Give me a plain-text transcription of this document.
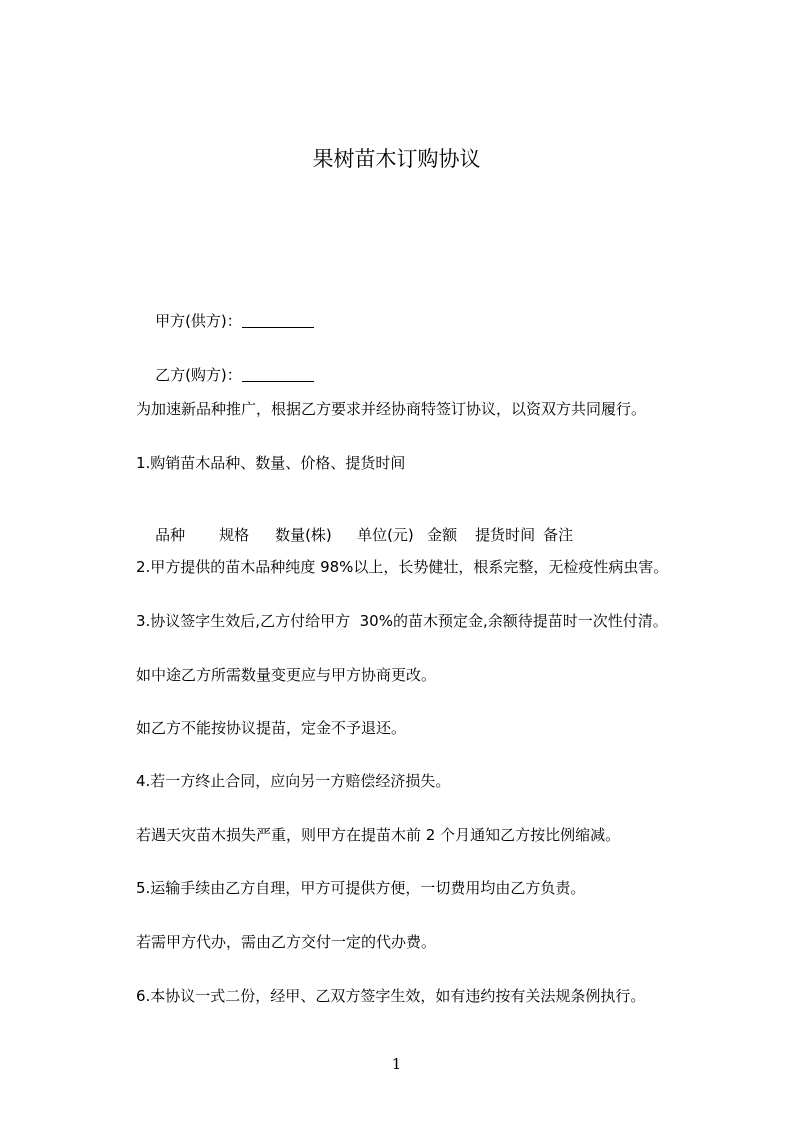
果树苗木订购协议

甲方(供方)：

乙方(购方)：

为加速新品种推广，根据乙方要求并经协商特签订协议，以资双方共同履行。
1.购销苗木品种、数量、价格、提货时间

品种 规格 数量(株) 单位(元) 金额 提货时间 备注

2.甲方提供的苗木品种纯度 98%以上，长势健壮，根系完整，无检疫性病虫害。
3.协议签字生效后,乙方付给甲方  30%的苗木预定金,余额待提苗时一次性付清。
如中途乙方所需数量变更应与甲方协商更改。
如乙方不能按协议提苗，定金不予退还。
4.若一方终止合同，应向另一方赔偿经济损失。
若遇天灾苗木损失严重，则甲方在提苗木前 2 个月通知乙方按比例缩减。
5.运输手续由乙方自理，甲方可提供方便，一切费用均由乙方负责。
若需甲方代办，需由乙方交付一定的代办费。
6.本协议一式二份，经甲、乙双方签字生效，如有违约按有关法规条例执行。
1
